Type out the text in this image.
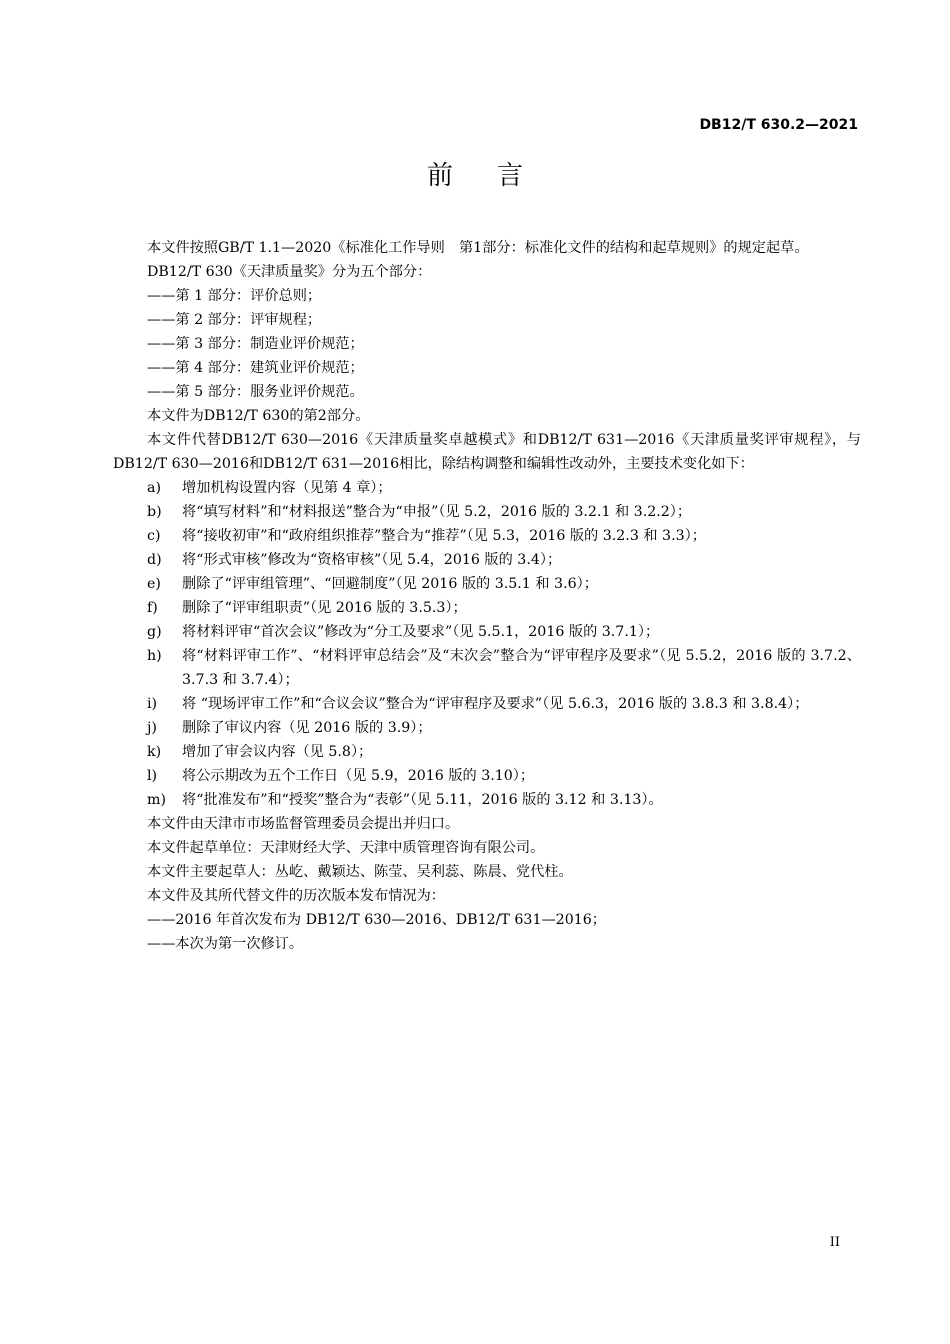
DB12/T 630.2—2021
前言

本文件按照GB/T 1.1—2020《标准化工作导则　第1部分：标准化文件的结构和起草规则》的规定起草。

DB12/T 630《天津质量奖》分为五个部分：

——第 1 部分：评价总则；

——第 2 部分：评审规程；

——第 3 部分：制造业评价规范；

——第 4 部分：建筑业评价规范；

——第 5 部分：服务业评价规范。

本文件为DB12/T 630的第2部分。

本文件代替DB12/T 630—2016《天津质量奖卓越模式》和DB12/T 631—2016《天津质量奖评审规程》，与DB12/T 630—2016和DB12/T 631—2016相比，除结构调整和编辑性改动外，主要技术变化如下：

a)	增加机构设置内容（见第 4 章）；
b)	将“填写材料”和“材料报送”整合为“申报”（见 5.2，2016 版的 3.2.1 和 3.2.2）；
c)	将“接收初审”和“政府组织推荐”整合为“推荐”（见 5.3，2016 版的 3.2.3 和 3.3）；
d)	将“形式审核”修改为“资格审核”（见 5.4，2016 版的 3.4）；
e)	删除了“评审组管理”、“回避制度”（见 2016 版的 3.5.1 和 3.6）；
f)	删除了“评审组职责”（见 2016 版的 3.5.3）；
g)	将材料评审“首次会议”修改为“分工及要求”（见 5.5.1，2016 版的 3.7.1）；
h)	将“材料评审工作”、“材料评审总结会”及“末次会”整合为“评审程序及要求”（见 5.5.2，2016 版的 3.7.2、3.7.3 和 3.7.4）；
i)	将 “现场评审工作”和“合议会议”整合为“评审程序及要求”（见 5.6.3，2016 版的 3.8.3 和 3.8.4）；
j)	删除了审议内容（见 2016 版的 3.9）；
k)	增加了审会议内容（见 5.8）；
l)	将公示期改为五个工作日（见 5.9，2016 版的 3.10）；
m)	将“批准发布”和“授奖”整合为“表彰”（见 5.11，2016 版的 3.12 和 3.13）。

本文件由天津市市场监督管理委员会提出并归口。

本文件起草单位：天津财经大学、天津中质管理咨询有限公司。

本文件主要起草人：丛屹、戴颖达、陈莹、吴利蕊、陈晨、党代柱。

本文件及其所代替文件的历次版本发布情况为：

——2016 年首次发布为 DB12/T 630—2016、DB12/T 631—2016；

——本次为第一次修订。

II
